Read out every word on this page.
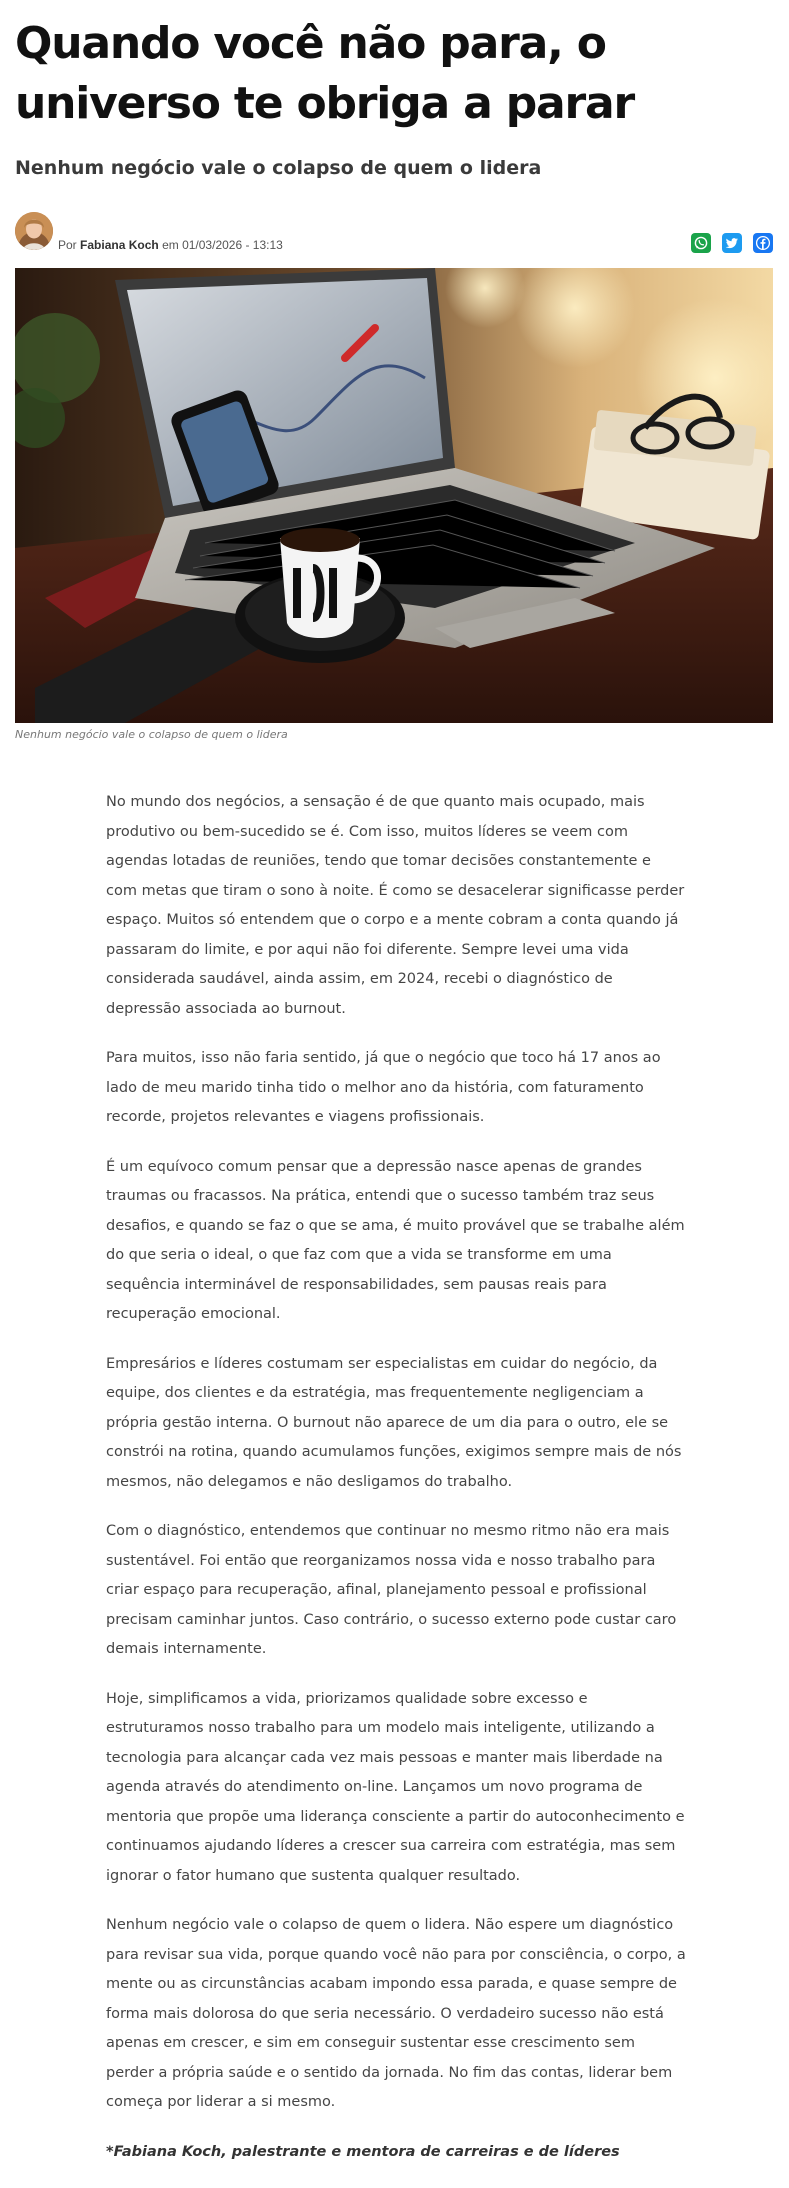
Quando você não para, o universo te obriga a parar
Nenhum negócio vale o colapso de quem o lidera
Por Fabiana Koch em 01/03/2026 - 13:13

Nenhum negócio vale o colapso de quem o lidera

No mundo dos negócios, a sensação é de que quanto mais ocupado, mais produtivo ou bem-sucedido se é. Com isso, muitos líderes se veem com agendas lotadas de reuniões, tendo que tomar decisões constantemente e com metas que tiram o sono à noite. É como se desacelerar significasse perder espaço. Muitos só entendem que o corpo e a mente cobram a conta quando já passaram do limite, e por aqui não foi diferente. Sempre levei uma vida considerada saudável, ainda assim, em 2024, recebi o diagnóstico de depressão associada ao burnout.

Para muitos, isso não faria sentido, já que o negócio que toco há 17 anos ao lado de meu marido tinha tido o melhor ano da história, com faturamento recorde, projetos relevantes e viagens profissionais.

É um equívoco comum pensar que a depressão nasce apenas de grandes traumas ou fracassos. Na prática, entendi que o sucesso também traz seus desafios, e quando se faz o que se ama, é muito provável que se trabalhe além do que seria o ideal, o que faz com que a vida se transforme em uma sequência interminável de responsabilidades, sem pausas reais para recuperação emocional.

Empresários e líderes costumam ser especialistas em cuidar do negócio, da equipe, dos clientes e da estratégia, mas frequentemente negligenciam a própria gestão interna. O burnout não aparece de um dia para o outro, ele se constrói na rotina, quando acumulamos funções, exigimos sempre mais de nós mesmos, não delegamos e não desligamos do trabalho.

Com o diagnóstico, entendemos que continuar no mesmo ritmo não era mais sustentável. Foi então que reorganizamos nossa vida e nosso trabalho para criar espaço para recuperação, afinal, planejamento pessoal e profissional precisam caminhar juntos. Caso contrário, o sucesso externo pode custar caro demais internamente.

Hoje, simplificamos a vida, priorizamos qualidade sobre excesso e estruturamos nosso trabalho para um modelo mais inteligente, utilizando a tecnologia para alcançar cada vez mais pessoas e manter mais liberdade na agenda através do atendimento on-line. Lançamos um novo programa de mentoria que propõe uma liderança consciente a partir do autoconhecimento e continuamos ajudando líderes a crescer sua carreira com estratégia, mas sem ignorar o fator humano que sustenta qualquer resultado.

Nenhum negócio vale o colapso de quem o lidera. Não espere um diagnóstico para revisar sua vida, porque quando você não para por consciência, o corpo, a mente ou as circunstâncias acabam impondo essa parada, e quase sempre de forma mais dolorosa do que seria necessário. O verdadeiro sucesso não está apenas em crescer, e sim em conseguir sustentar esse crescimento sem perder a própria saúde e o sentido da jornada. No fim das contas, liderar bem começa por liderar a si mesmo.

*Fabiana Koch, palestrante e mentora de carreiras e de líderes
